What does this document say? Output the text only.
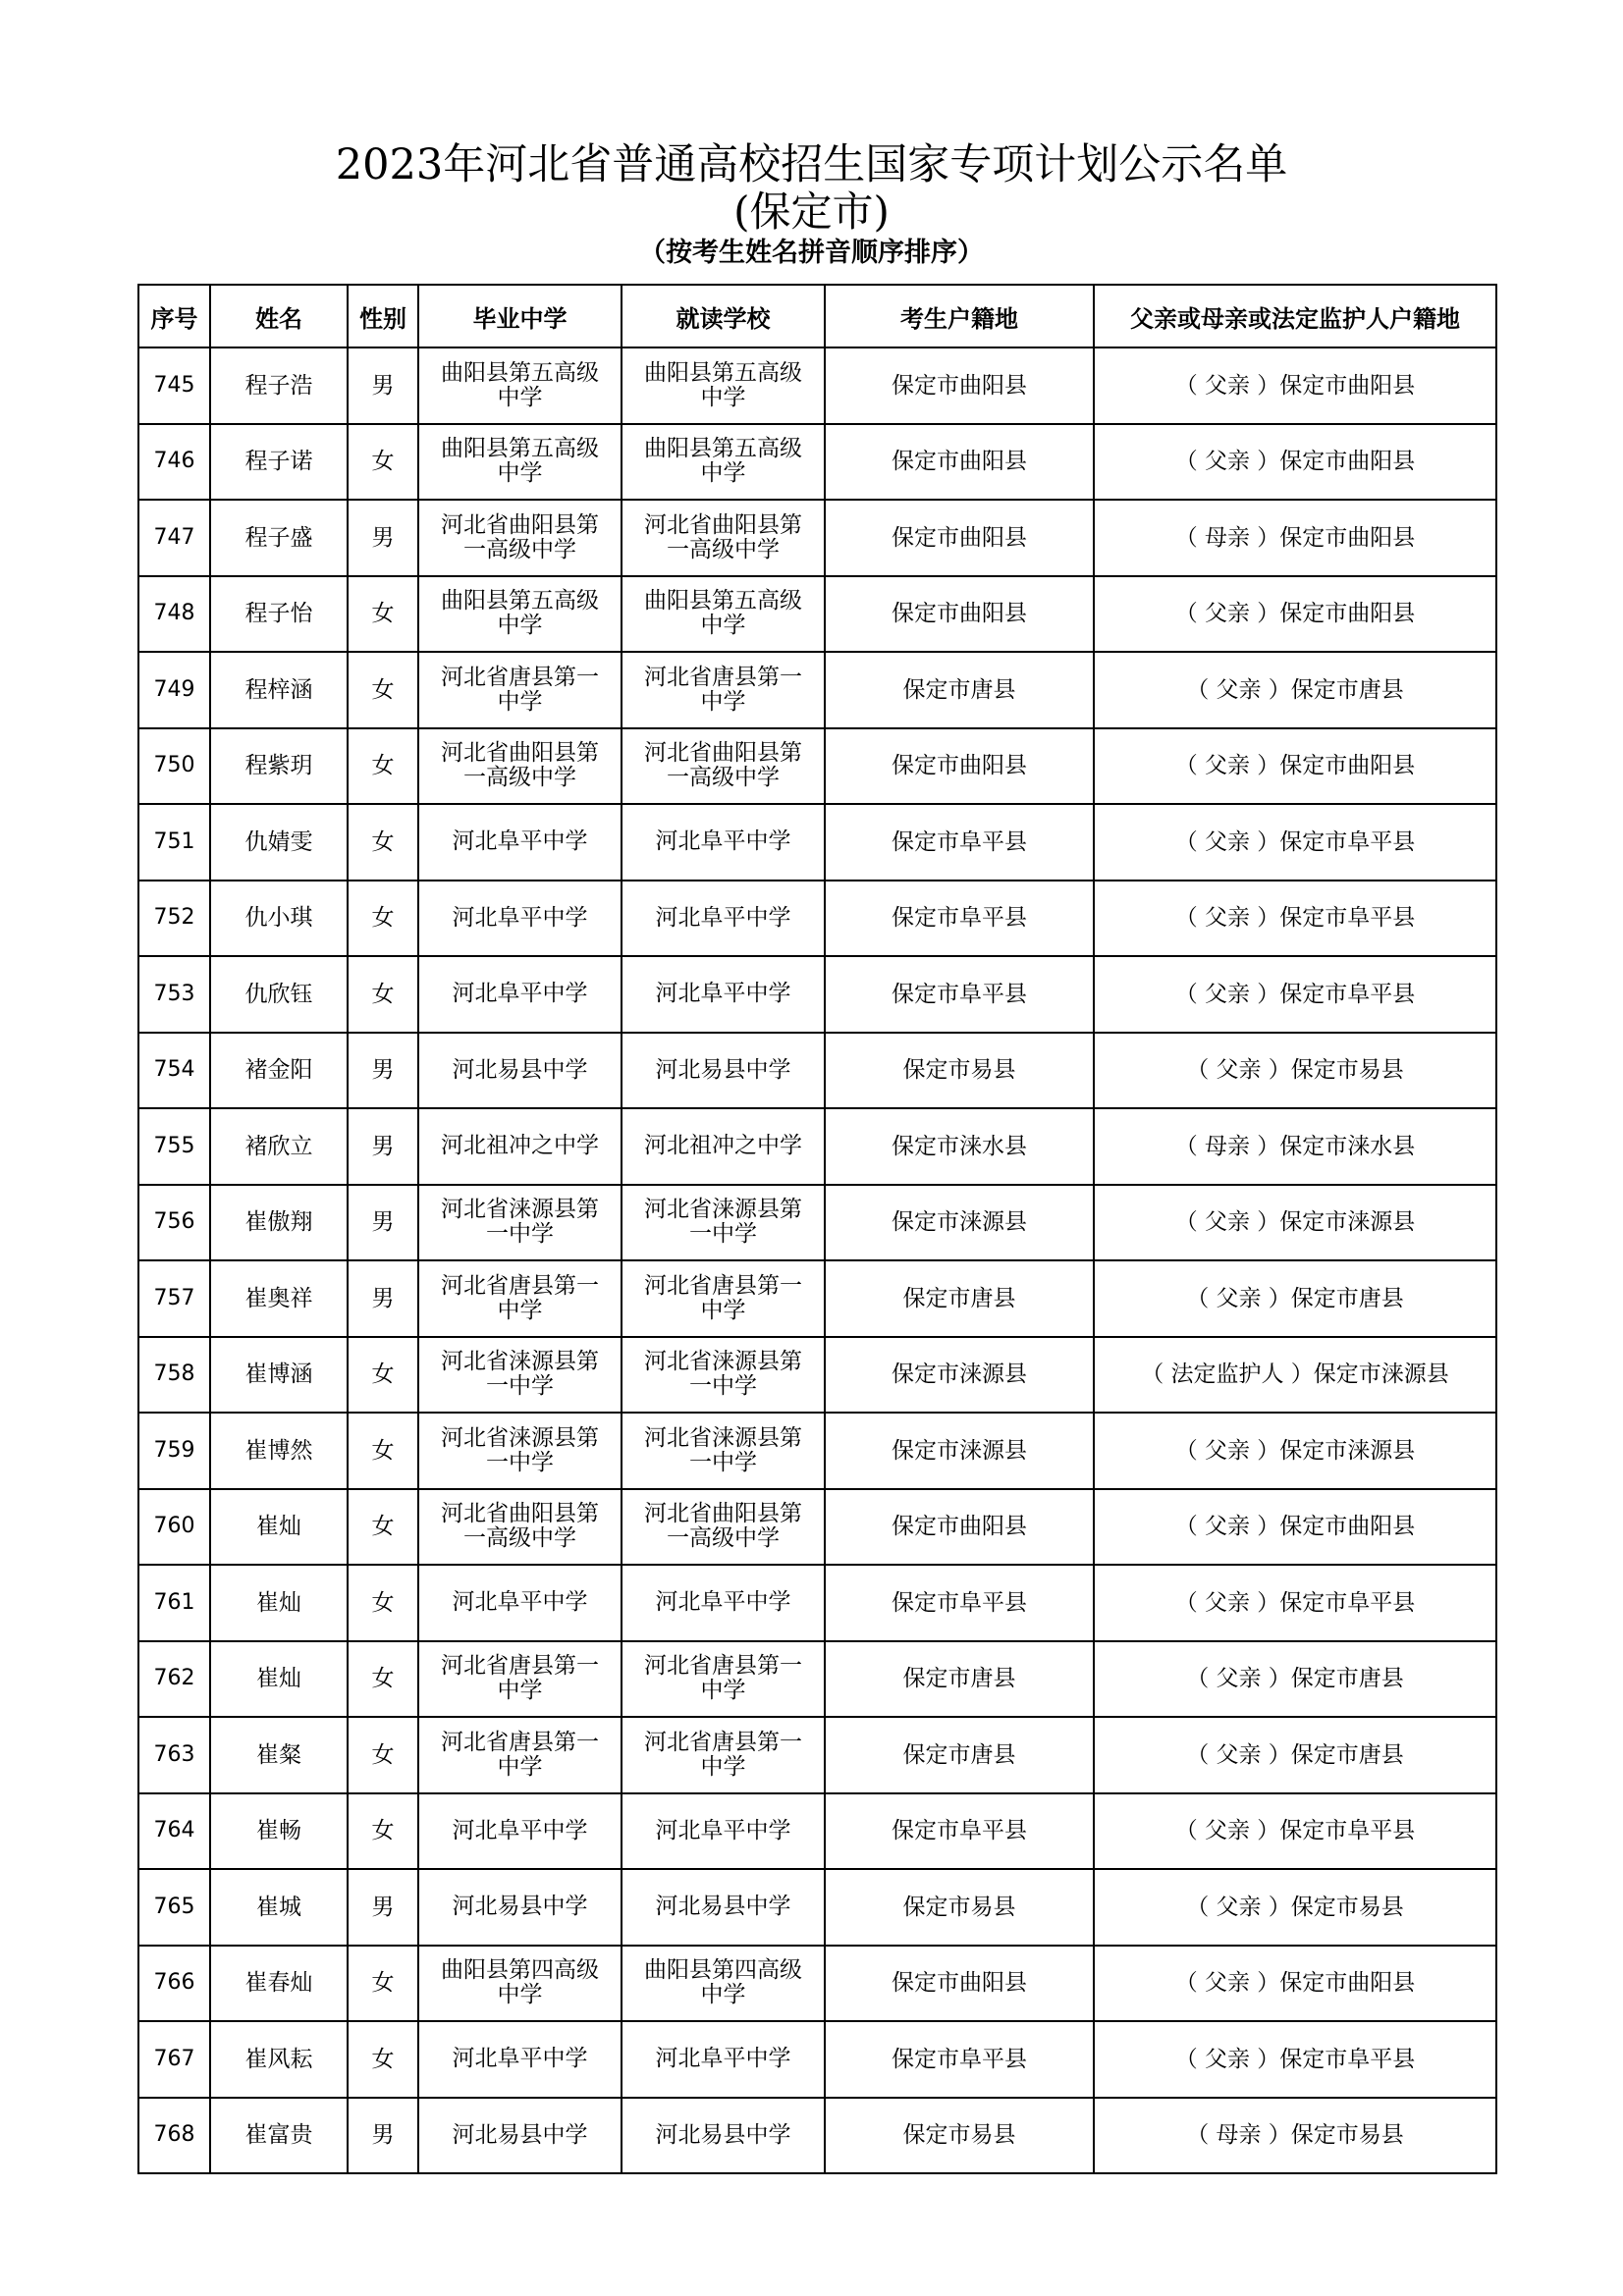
2023年河北省普通高校招生国家专项计划公示名单
(保定市)
（按考生姓名拼音顺序排序）
序号	姓名	性别	毕业中学	就读学校	考生户籍地	父亲或母亲或法定监护人户籍地
745	程子浩	男	曲阳县第五高级中学	曲阳县第五高级中学	保定市曲阳县	（ 父亲 ）保定市曲阳县
746	程子诺	女	曲阳县第五高级中学	曲阳县第五高级中学	保定市曲阳县	（ 父亲 ）保定市曲阳县
747	程子盛	男	河北省曲阳县第一高级中学	河北省曲阳县第一高级中学	保定市曲阳县	（ 母亲 ）保定市曲阳县
748	程子怡	女	曲阳县第五高级中学	曲阳县第五高级中学	保定市曲阳县	（ 父亲 ）保定市曲阳县
749	程梓涵	女	河北省唐县第一中学	河北省唐县第一中学	保定市唐县	（ 父亲 ）保定市唐县
750	程紫玥	女	河北省曲阳县第一高级中学	河北省曲阳县第一高级中学	保定市曲阳县	（ 父亲 ）保定市曲阳县
751	仇婧雯	女	河北阜平中学	河北阜平中学	保定市阜平县	（ 父亲 ）保定市阜平县
752	仇小琪	女	河北阜平中学	河北阜平中学	保定市阜平县	（ 父亲 ）保定市阜平县
753	仇欣钰	女	河北阜平中学	河北阜平中学	保定市阜平县	（ 父亲 ）保定市阜平县
754	褚金阳	男	河北易县中学	河北易县中学	保定市易县	（ 父亲 ）保定市易县
755	褚欣立	男	河北祖冲之中学	河北祖冲之中学	保定市涞水县	（ 母亲 ）保定市涞水县
756	崔傲翔	男	河北省涞源县第一中学	河北省涞源县第一中学	保定市涞源县	（ 父亲 ）保定市涞源县
757	崔奥祥	男	河北省唐县第一中学	河北省唐县第一中学	保定市唐县	（ 父亲 ）保定市唐县
758	崔博涵	女	河北省涞源县第一中学	河北省涞源县第一中学	保定市涞源县	（ 法定监护人 ）保定市涞源县
759	崔博然	女	河北省涞源县第一中学	河北省涞源县第一中学	保定市涞源县	（ 父亲 ）保定市涞源县
760	崔灿	女	河北省曲阳县第一高级中学	河北省曲阳县第一高级中学	保定市曲阳县	（ 父亲 ）保定市曲阳县
761	崔灿	女	河北阜平中学	河北阜平中学	保定市阜平县	（ 父亲 ）保定市阜平县
762	崔灿	女	河北省唐县第一中学	河北省唐县第一中学	保定市唐县	（ 父亲 ）保定市唐县
763	崔粲	女	河北省唐县第一中学	河北省唐县第一中学	保定市唐县	（ 父亲 ）保定市唐县
764	崔畅	女	河北阜平中学	河北阜平中学	保定市阜平县	（ 父亲 ）保定市阜平县
765	崔城	男	河北易县中学	河北易县中学	保定市易县	（ 父亲 ）保定市易县
766	崔春灿	女	曲阳县第四高级中学	曲阳县第四高级中学	保定市曲阳县	（ 父亲 ）保定市曲阳县
767	崔风耘	女	河北阜平中学	河北阜平中学	保定市阜平县	（ 父亲 ）保定市阜平县
768	崔富贵	男	河北易县中学	河北易县中学	保定市易县	（ 母亲 ）保定市易县
